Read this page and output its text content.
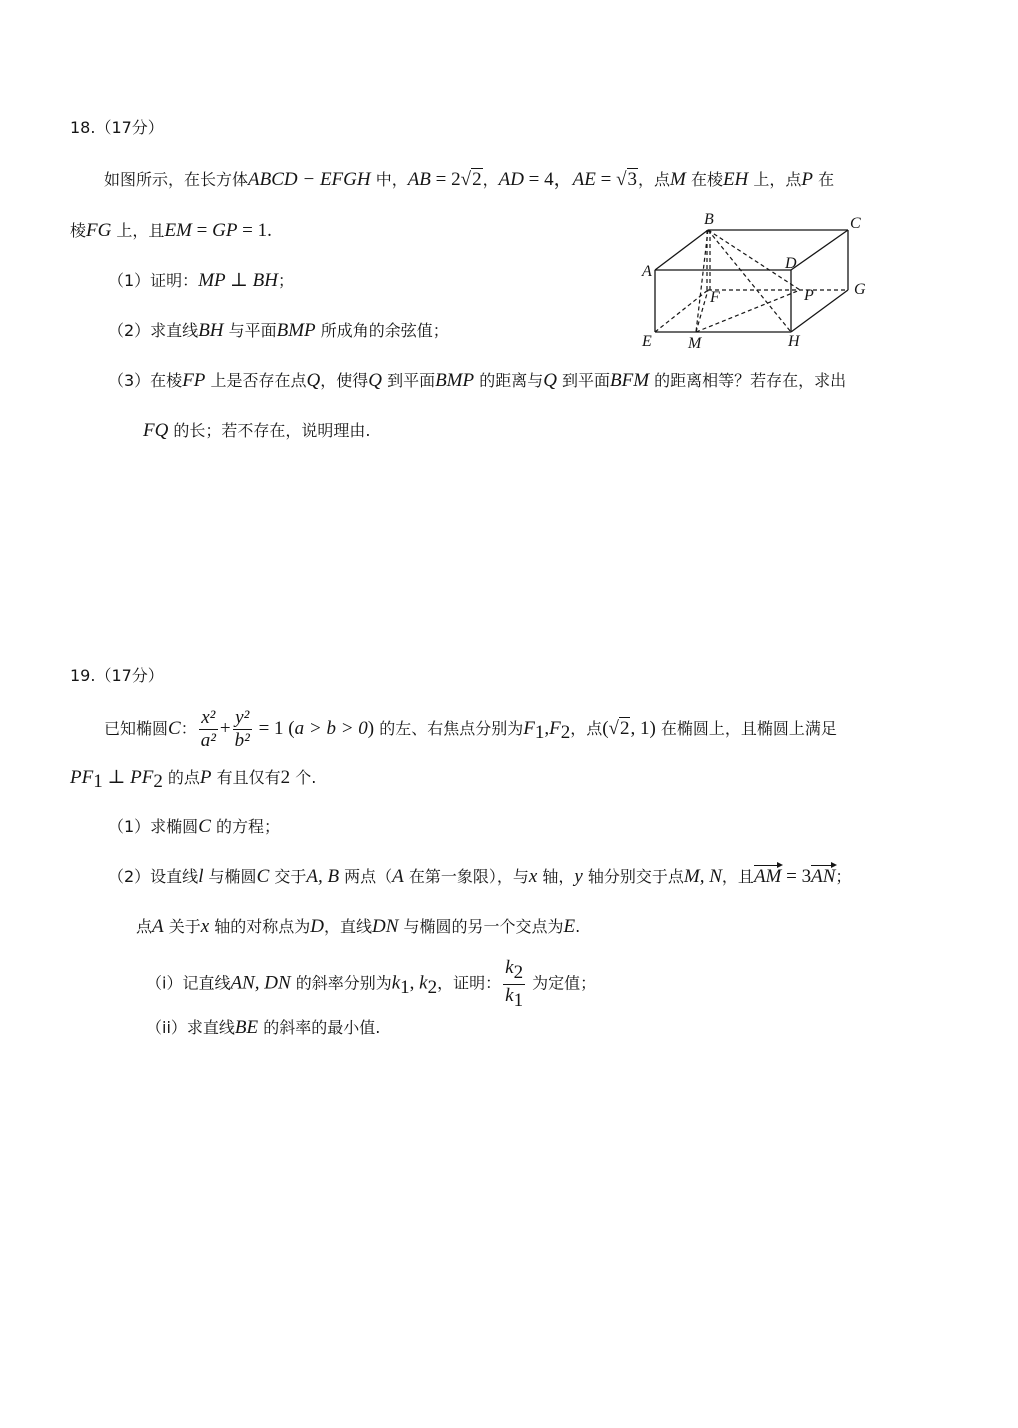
18.（17分）
如图所示，在长方体ABCD − EFGH 中，AB = 2√2，AD = 4，AE = √3，点M 在棱EH 上，点P 在
棱FG 上，且EM = GP = 1.
（1）证明：MP ⊥ BH；
（2）求直线BH 与平面BMP 所成角的余弦值；
（3）在棱FP 上是否存在点Q，使得Q 到平面BMP 的距离与Q 到平面BFM 的距离相等？若存在，求出
FQ 的长；若不存在，说明理由.
B	C
A	D
F	P	G
E M	H
19.（17分）
已知椭圆C： $\frac{\text{x²}}{\text{a²}} + \frac{\text{y²}}{\text{b²}} = 1$ (a > b > 0) 的左、右焦点分别为$F_1,F_2$，点(√2, 1) 在椭圆上，且椭圆上满足
$PF_1$ ⊥ $PF_2$ 的点P 有且仅有2 个.
（1）求椭圆C 的方程；
（2）设直线l 与椭圆C 交于A, B 两点（A 在第一象限），与x 轴，y 轴分别交于点M, N，且AM = 3AN；
点A 关于x 轴的对称点为D，直线DN 与椭圆的另一个交点为E.
（i）记直线AN, DN 的斜率分别为$k_1$, $k_2$，证明： $\frac{k_2}{k_1}$ 为定值；
（ii）求直线BE 的斜率的最小值.
